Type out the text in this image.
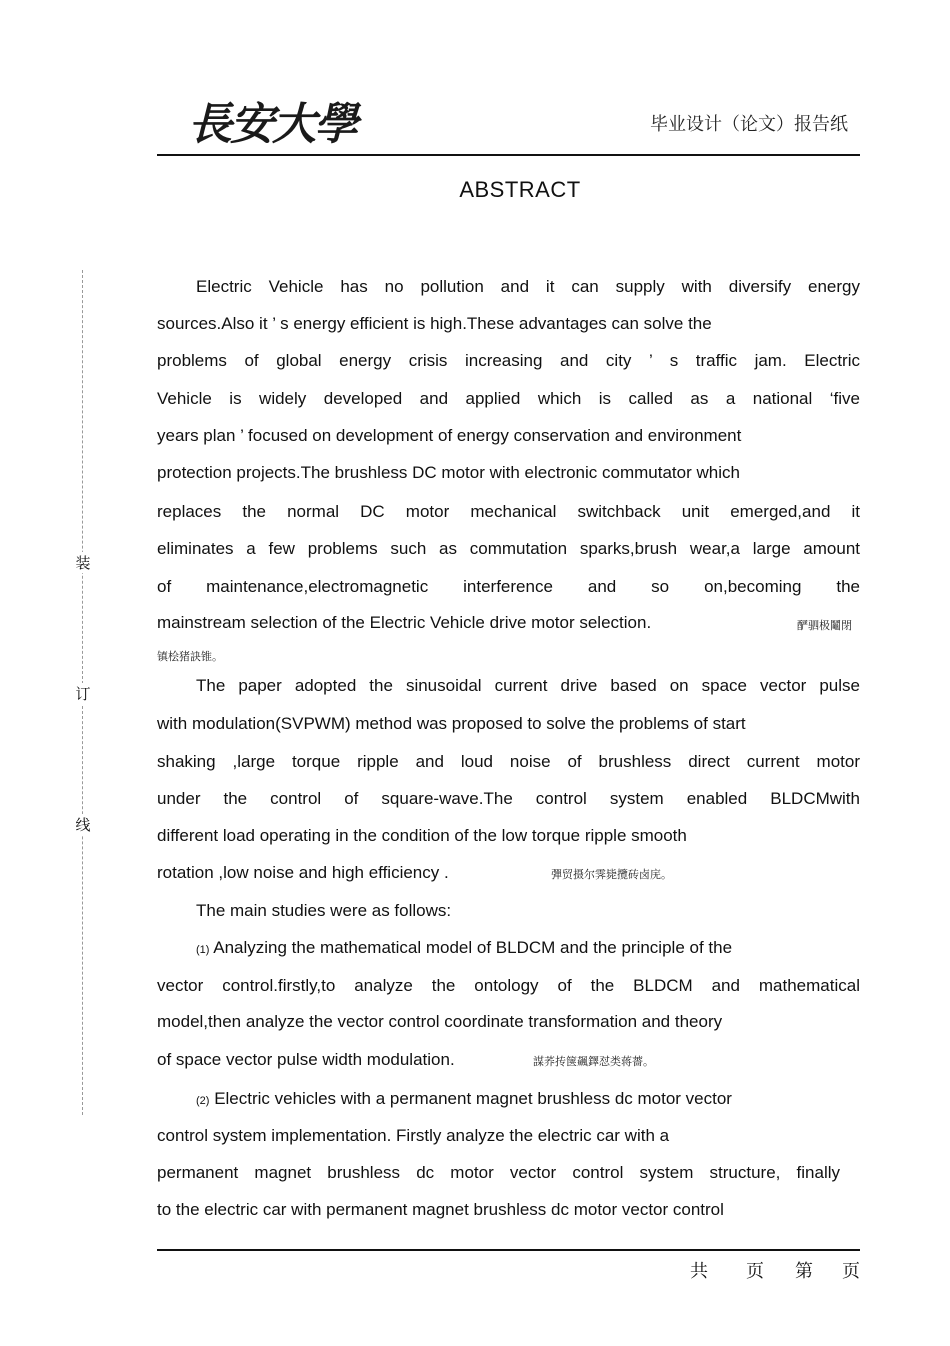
長安大學	毕业设计（论文）报告纸
ABSTRACT
装
订
线
Electric Vehicle has no pollution and it can supply with diversify energy
sources.Also it ’ s energy efficient is high.These advantages can solve the
problems of global energy crisis increasing and city ’ s traffic jam. Electric
Vehicle is widely developed and applied which is called as a national ‘five
years plan ’ focused on development of energy conservation and environment
protection projects.The brushless DC motor with electronic commutator which
replaces the normal DC motor mechanical switchback unit emerged,and it
eliminates a few problems such as commutation sparks,brush wear,a large amount
of maintenance,electromagnetic interference and so on,becoming the
mainstream selection of the Electric Vehicle drive motor selection.	酽驷极鬮閉
镇桧猪訣锥。
The paper adopted the sinusoidal current drive based on space vector pulse
with modulation(SVPWM) method was proposed to solve the problems of start
shaking ,large torque ripple and loud noise of brushless direct current motor
under the control of square-wave.The control system enabled BLDCMwith
different load operating in the condition of the low torque ripple smooth
rotation ,low noise and high efficiency .	彈贸摄尔霁毙攬砖卤庑。
The main studies were as follows:
(1) Analyzing the mathematical model of BLDCM and the principle of the
vector control.firstly,to analyze the ontology of the BLDCM and mathematical
model,then analyze the vector control coordinate transformation and theory
of space vector pulse width modulation.	謀荞抟箧飆鐸怼类蒋薔。
(2) Electric vehicles with a permanent magnet brushless dc motor vector
control system implementation. Firstly analyze the electric car with a
permanent magnet brushless dc motor vector control system structure, finally
to the electric car with permanent magnet brushless dc motor vector control
共 页 第 页
